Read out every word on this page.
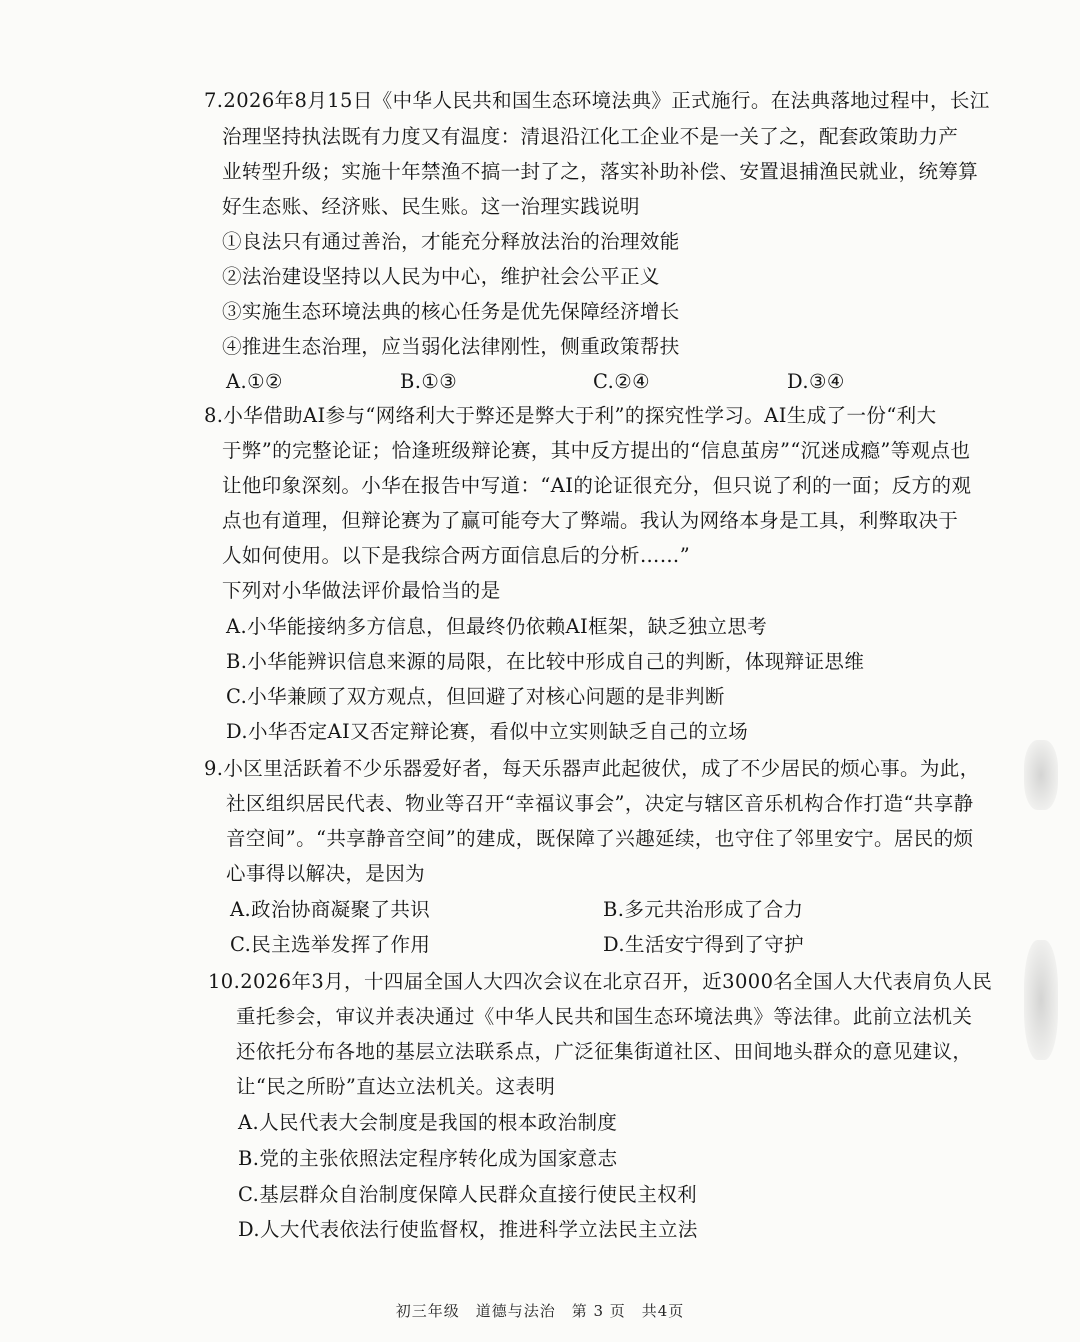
7.2026年8月15日《中华人民共和国生态环境法典》正式施行。在法典落地过程中，长江
治理坚持执法既有力度又有温度：清退沿江化工企业不是一关了之，配套政策助力产
业转型升级；实施十年禁渔不搞一封了之，落实补助补偿、安置退捕渔民就业，统筹算
好生态账、经济账、民生账。这一治理实践说明
①良法只有通过善治，才能充分释放法治的治理效能
②法治建设坚持以人民为中心，维护社会公平正义
③实施生态环境法典的核心任务是优先保障经济增长
④推进生态治理，应当弱化法律刚性，侧重政策帮扶
A.①②	B.①③	C.②④	D.③④
8.小华借助AI参与“网络利大于弊还是弊大于利”的探究性学习。AI生成了一份“利大
于弊”的完整论证；恰逢班级辩论赛，其中反方提出的“信息茧房”“沉迷成瘾”等观点也
让他印象深刻。小华在报告中写道：“AI的论证很充分，但只说了利的一面；反方的观
点也有道理，但辩论赛为了赢可能夸大了弊端。我认为网络本身是工具，利弊取决于
人如何使用。以下是我综合两方面信息后的分析……”
下列对小华做法评价最恰当的是
A.小华能接纳多方信息，但最终仍依赖AI框架，缺乏独立思考
B.小华能辨识信息来源的局限，在比较中形成自己的判断，体现辩证思维
C.小华兼顾了双方观点，但回避了对核心问题的是非判断
D.小华否定AI又否定辩论赛，看似中立实则缺乏自己的立场
9.小区里活跃着不少乐器爱好者，每天乐器声此起彼伏，成了不少居民的烦心事。为此，
社区组织居民代表、物业等召开“幸福议事会”，决定与辖区音乐机构合作打造“共享静
音空间”。“共享静音空间”的建成，既保障了兴趣延续，也守住了邻里安宁。居民的烦
心事得以解决，是因为
A.政治协商凝聚了共识	B.多元共治形成了合力
C.民主选举发挥了作用	D.生活安宁得到了守护
10.2026年3月，十四届全国人大四次会议在北京召开，近3000名全国人大代表肩负人民
重托参会，审议并表决通过《中华人民共和国生态环境法典》等法律。此前立法机关
还依托分布各地的基层立法联系点，广泛征集街道社区、田间地头群众的意见建议，
让“民之所盼”直达立法机关。这表明
A.人民代表大会制度是我国的根本政治制度
B.党的主张依照法定程序转化成为国家意志
C.基层群众自治制度保障人民群众直接行使民主权利
D.人大代表依法行使监督权，推进科学立法民主立法
初三年级　道德与法治　第 3 页　共4页
